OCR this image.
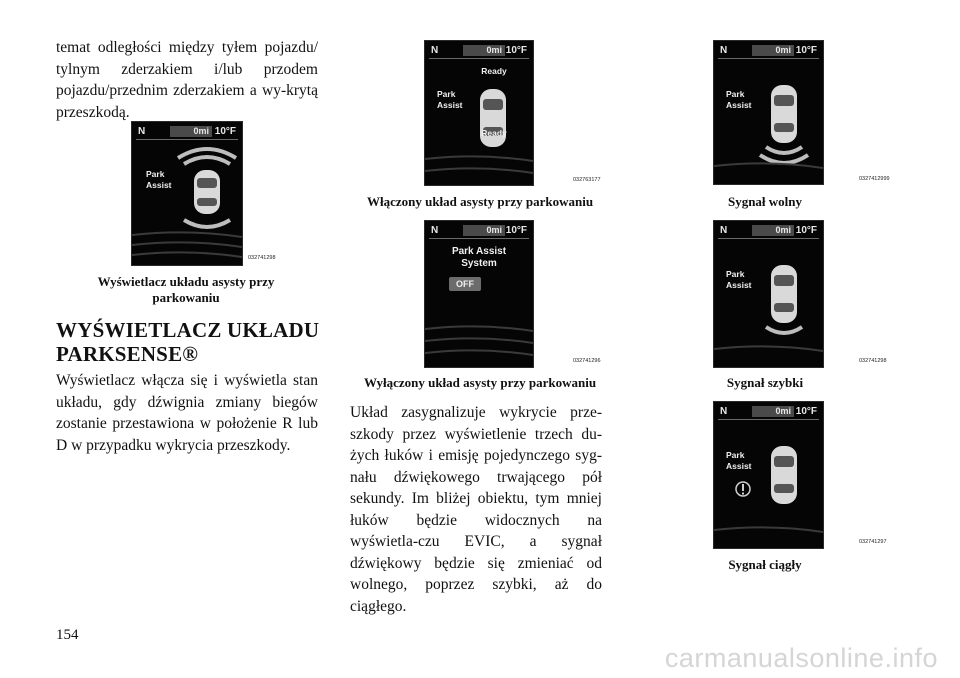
temat odległości między tyłem pojazdu/ tylnym zderzakiem i/lub przodem pojazdu/przednim zderzakiem a wy-krytą przeszkodą.

N	0mi 10°F
Park
Assist
032741298
Wyświetlacz układu asysty przy
parkowaniu
WYŚWIETLACZ UKŁADU
PARKSENSE®

Wyświetlacz włącza się i wyświetla stan układu, gdy dźwignia zmiany biegów zostanie przestawiona w położenie R lub D w przypadku wykrycia przeszkody.

N	0mi 10°F
Ready
Park
Assist
Ready
032763177
Włączony układ asysty przy parkowaniu
N	0mi 10°F
Park Assist
System
OFF
032741296
Wyłączony układ asysty przy parkowaniu

Układ zasygnalizuje wykrycie prze-szkody przez wyświetlenie trzech du-żych łuków i emisję pojedynczego syg-nału dźwiękowego trwającego pół sekundy. Im bliżej obiektu, tym mniej łuków będzie widocznych na wyświetla-czu EVIC, a sygnał dźwiękowy będzie się zmieniać od wolnego, poprzez szybki, aż do ciągłego.

N	0mi 10°F
Park
Assist
0327412999
Sygnał wolny
N	0mi 10°F
Park
Assist
032741298
Sygnał szybki
N	0mi 10°F
Park
Assist
032741297
Sygnał ciągły
154
carmanualsonline.info
